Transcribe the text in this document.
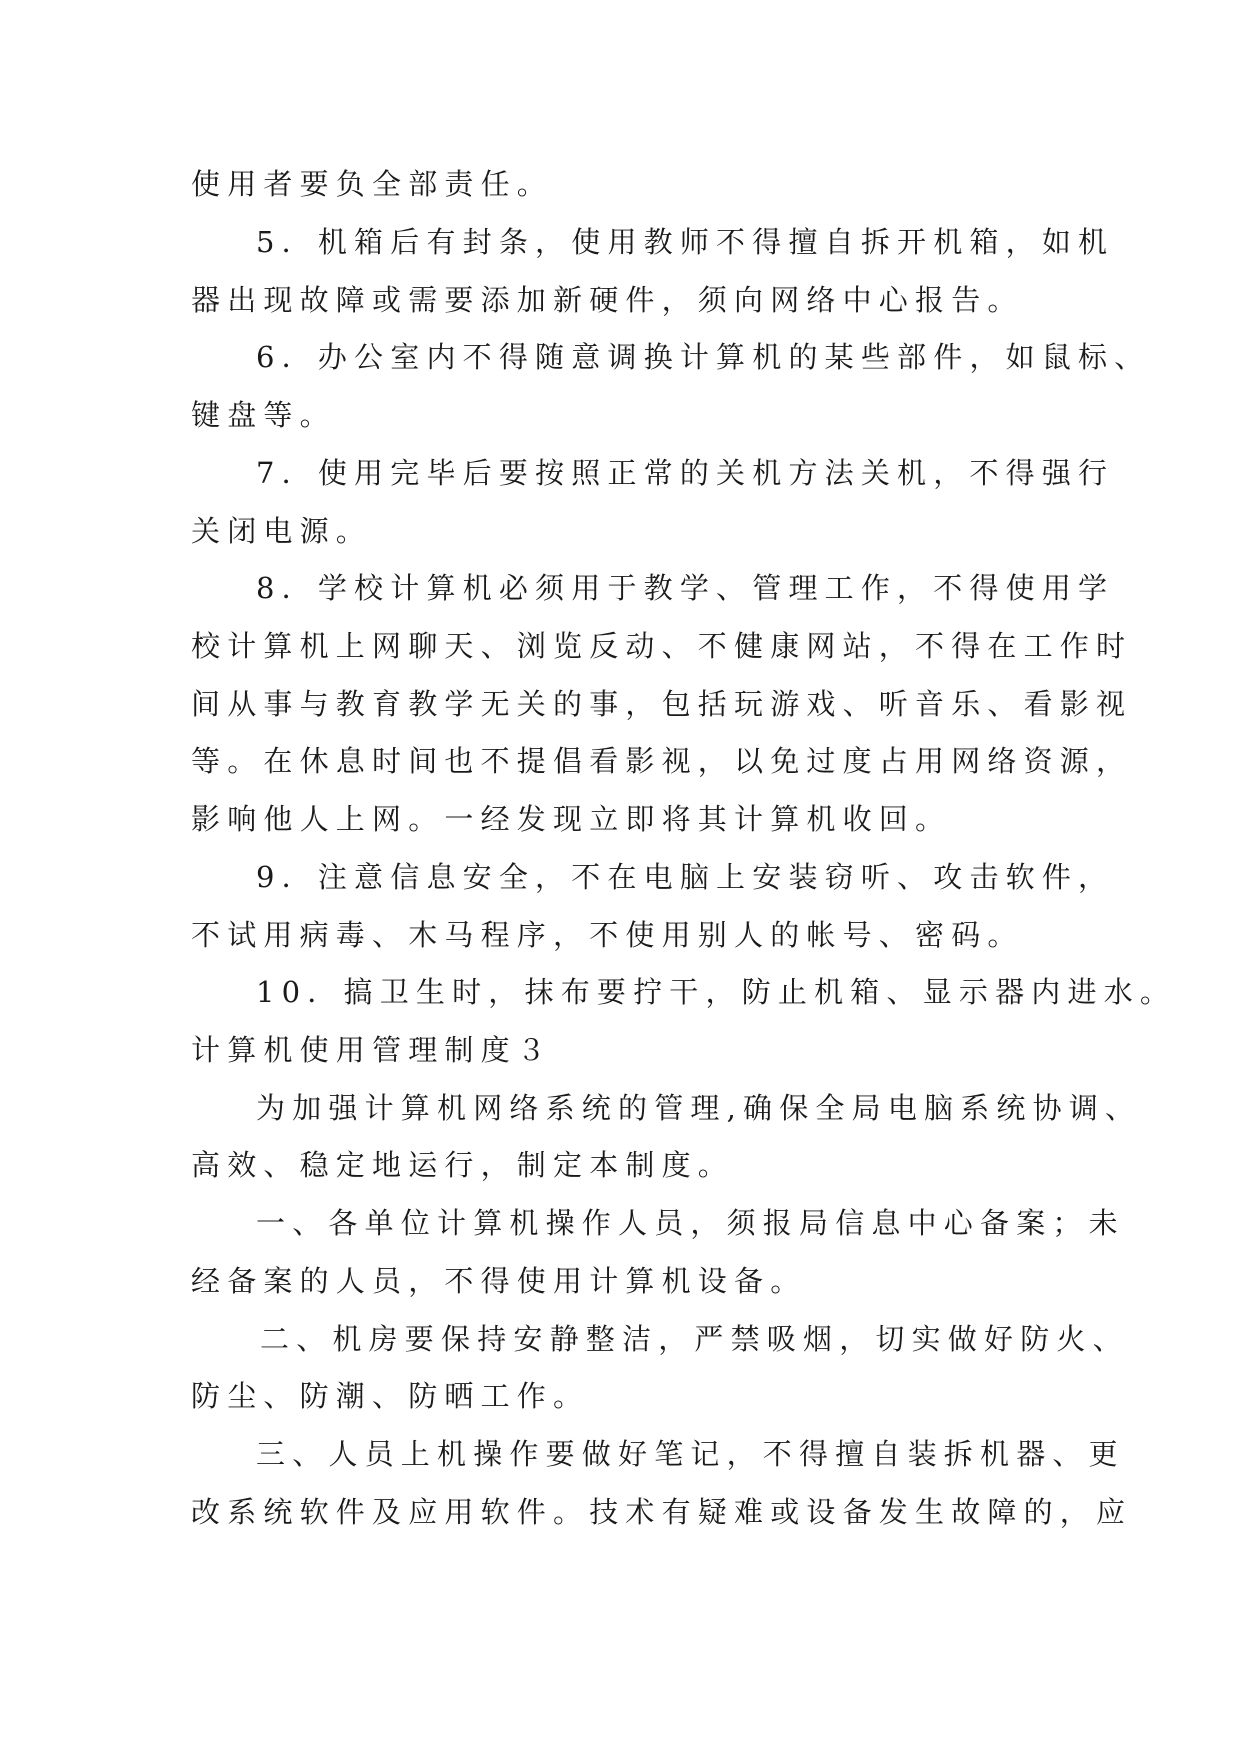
使用者要负全部责任。
5．机箱后有封条，使用教师不得擅自拆开机箱，如机
器出现故障或需要添加新硬件，须向网络中心报告。
6．办公室内不得随意调换计算机的某些部件，如鼠标、
键盘等。
7．使用完毕后要按照正常的关机方法关机，不得强行
关闭电源。
8．学校计算机必须用于教学、管理工作，不得使用学
校计算机上网聊天、浏览反动、不健康网站，不得在工作时
间从事与教育教学无关的事，包括玩游戏、听音乐、看影视
等。在休息时间也不提倡看影视，以免过度占用网络资源，
影响他人上网。一经发现立即将其计算机收回。
9．注意信息安全，不在电脑上安装窃听、攻击软件，
不试用病毒、木马程序，不使用别人的帐号、密码。
10．搞卫生时，抹布要拧干，防止机箱、显示器内进水。
计算机使用管理制度３
为加强计算机网络系统的管理,确保全局电脑系统协调、
高效、稳定地运行，制定本制度。
一、各单位计算机操作人员，须报局信息中心备案；未
经备案的人员，不得使用计算机设备。
二、机房要保持安静整洁，严禁吸烟，切实做好防火、
防尘、防潮、防晒工作。
三、人员上机操作要做好笔记，不得擅自装拆机器、更
改系统软件及应用软件。技术有疑难或设备发生故障的，应
